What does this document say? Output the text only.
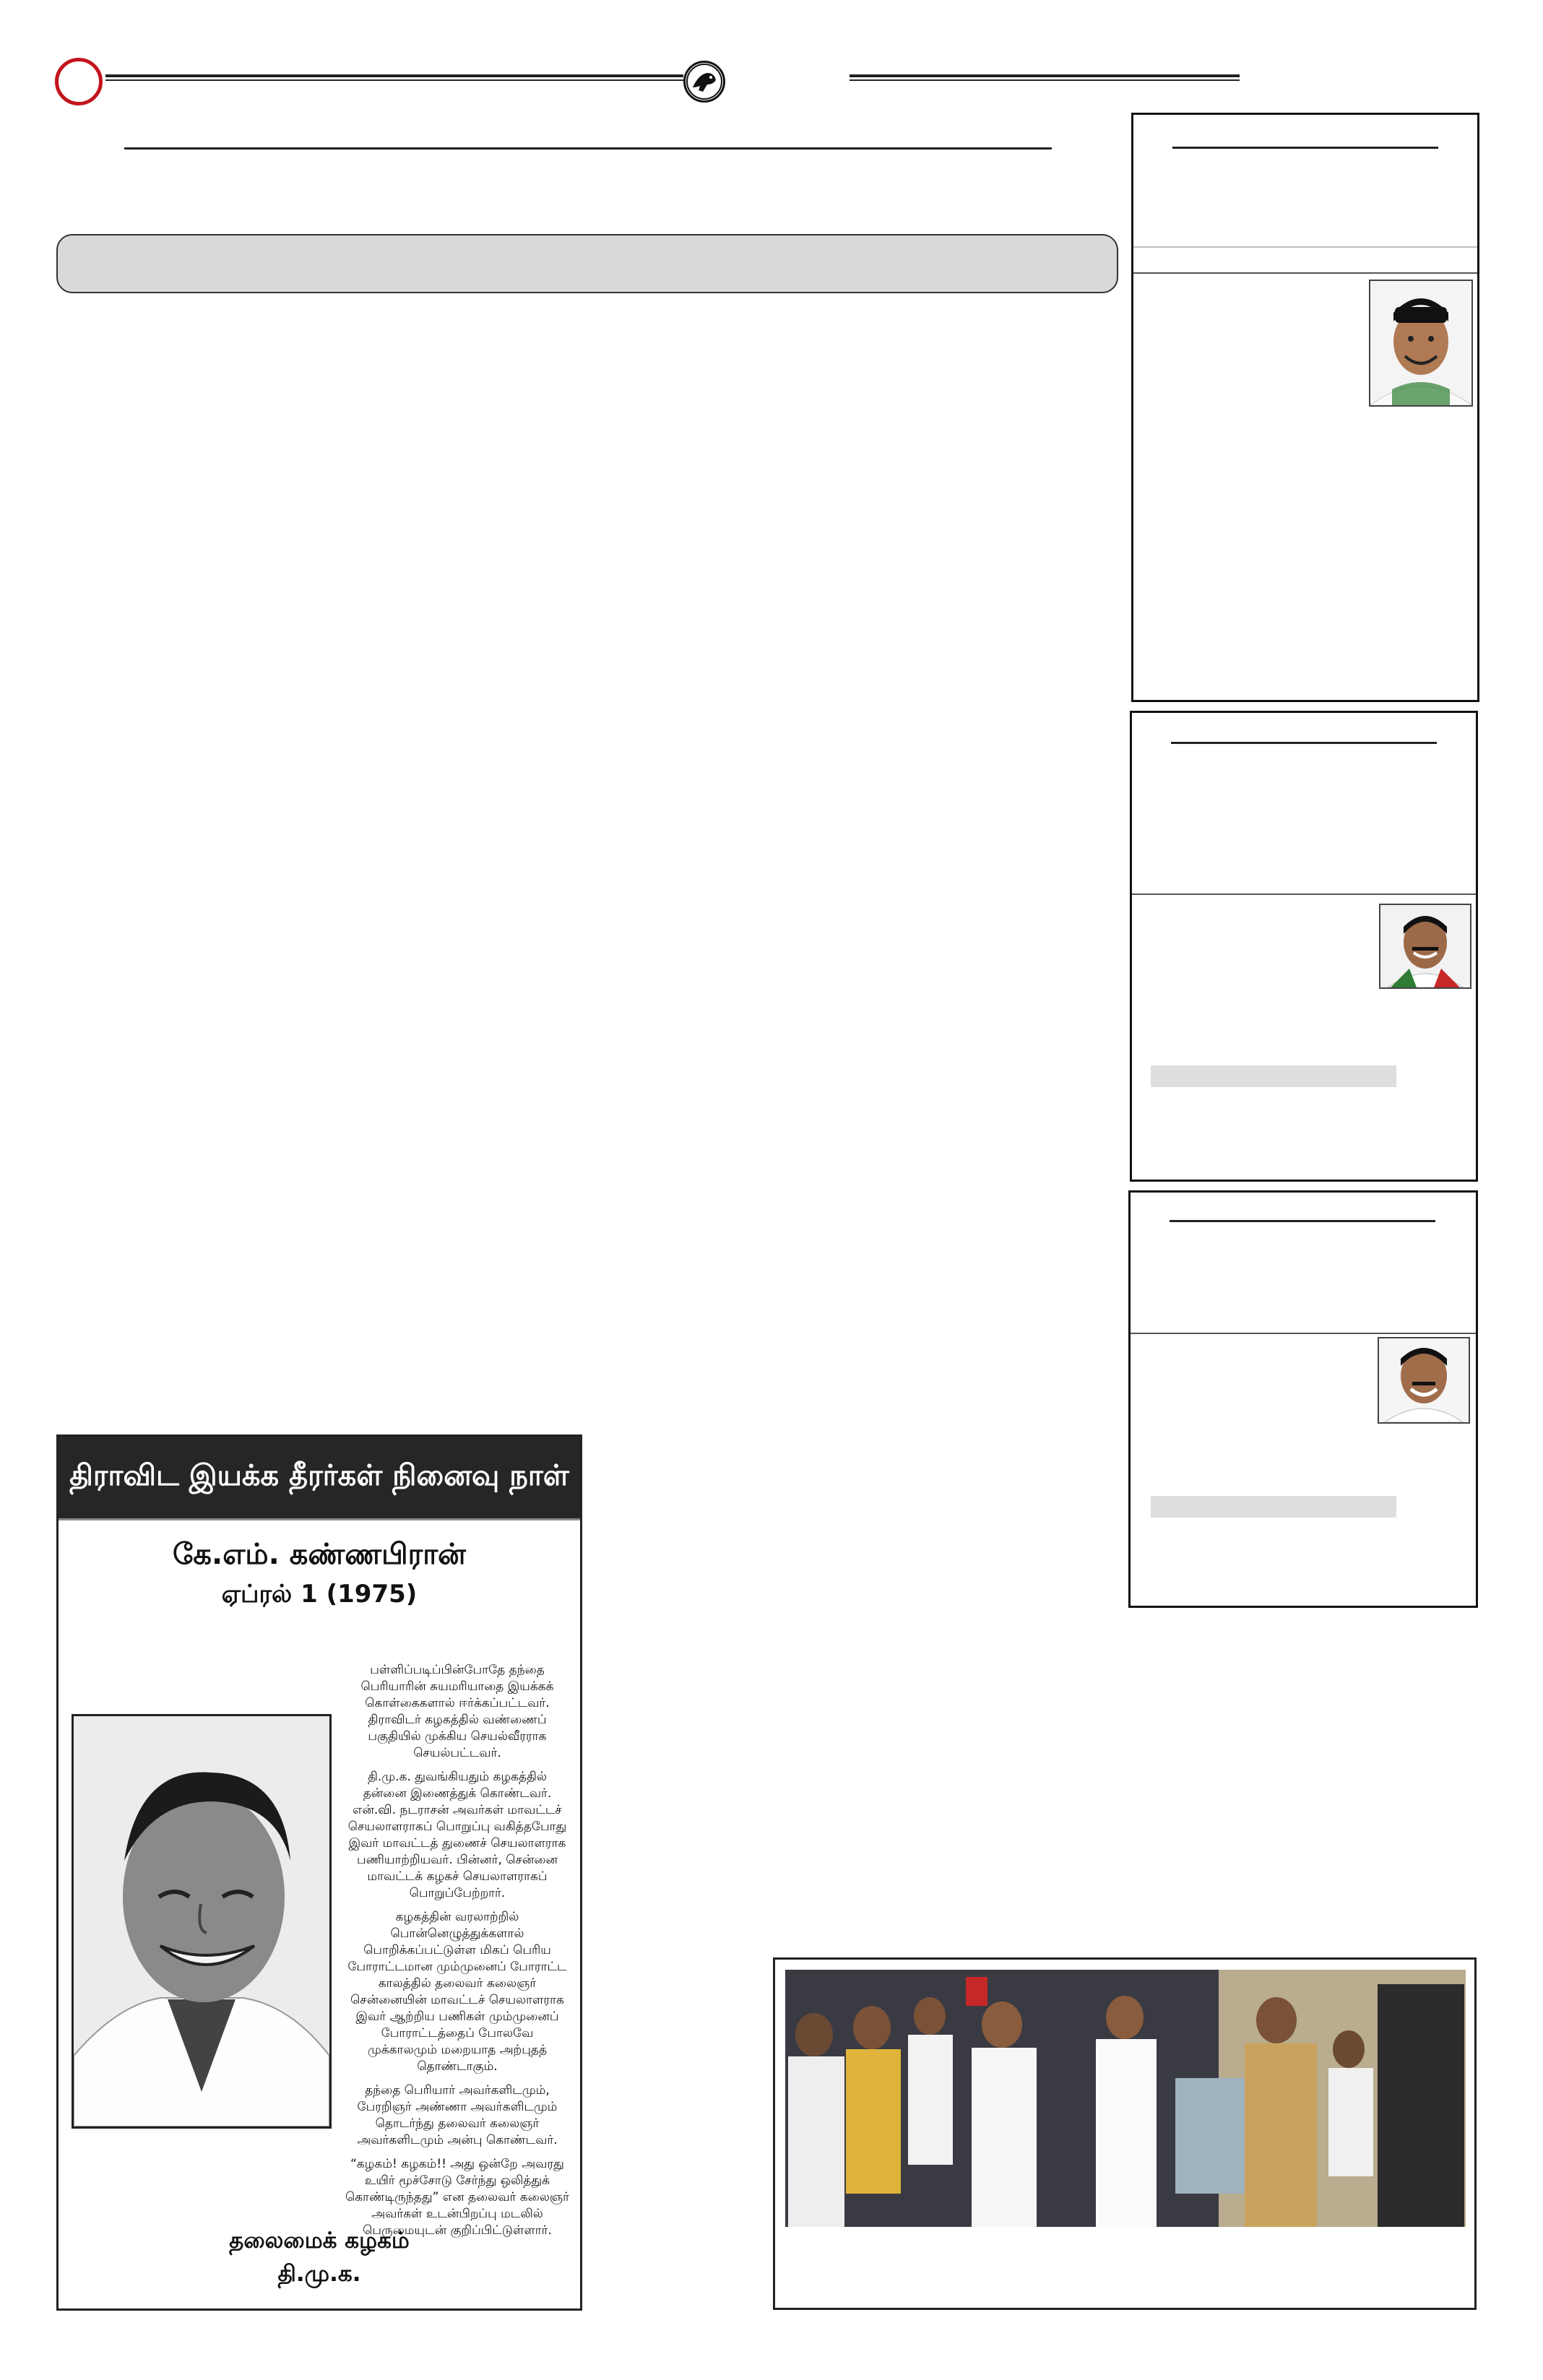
திராவிட இயக்க தீரர்கள் நினைவு நாள்
கே.எம். கண்ணபிரான்
ஏப்ரல் 1 (1975)

பள்ளிப்படிப்பின்போதே தந்தை பெரியாரின் சுயமரியாதை இயக்கக் கொள்கைகளால் ஈர்க்கப்பட்டவர். திராவிடர் கழகத்தில் வண்ணைப் பகுதியில் முக்கிய செயல்வீரராக செயல்பட்டவர்.

தி.மு.க. துவங்கியதும் கழகத்தில் தன்னை இணைத்துக் கொண்டவர். என்.வி. நடராசன் அவர்கள் மாவட்டச் செயலாளராகப் பொறுப்பு வகித்தபோது இவர் மாவட்டத் துணைச் செயலாளராக பணியாற்றியவர். பின்னர், சென்னை மாவட்டக் கழகச் செயலாளராகப் பொறுப்பேற்றார்.

கழகத்தின் வரலாற்றில் பொன்னெழுத்துக்களால் பொறிக்கப்பட்டுள்ள மிகப் பெரிய போராட்டமான மும்முனைப் போராட்ட காலத்தில் தலைவர் கலைஞர் சென்னையின் மாவட்டச் செயலாளராக இவர் ஆற்றிய பணிகள் மும்முனைப் போராட்டத்தைப் போலவே முக்காலமும் மறையாத அற்புதத் தொண்டாகும்.

தந்தை பெரியார் அவர்களிடமும், பேரறிஞர் அண்ணா அவர்களிடமும் தொடர்ந்து தலைவர் கலைஞர் அவர்களிடமும் அன்பு கொண்டவர்.

“கழகம்! கழகம்!! அது ஒன்றே அவரது உயிர் மூச்சோடு சேர்ந்து ஒலித்துக் கொண்டிருந்தது” என தலைவர் கலைஞர் அவர்கள் உடன்பிறப்பு மடலில் பெருமையுடன் குறிப்பிட்டுள்ளார்.

தலைமைக் கழகம்
தி.மு.க.
